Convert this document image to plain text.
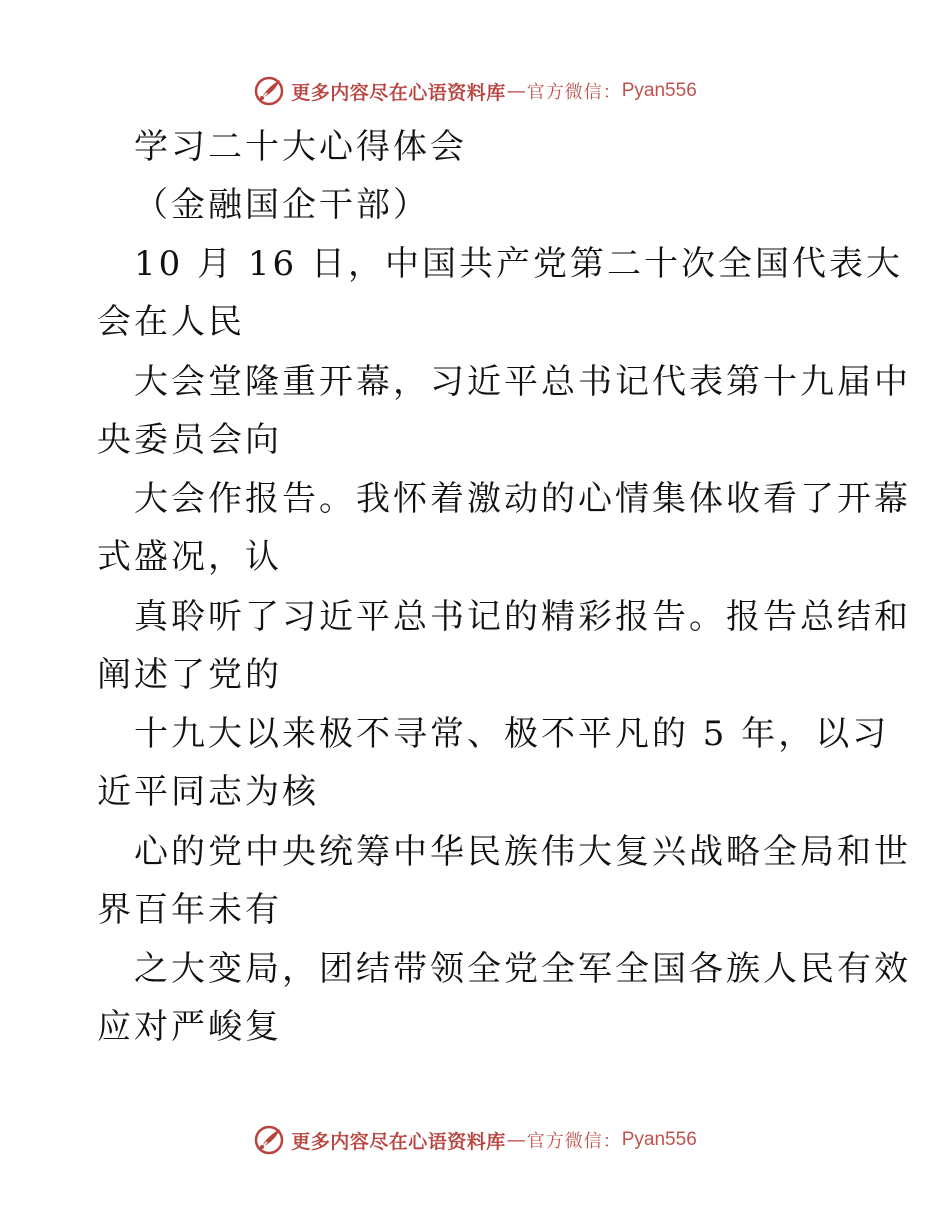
更多内容尽在心语资料库 — 官方微信： Pyan556
学习二十大心得体会
（金融国企干部）
10 月 16 日，中国共产党第二十次全国代表大
会在人民
大会堂隆重开幕，习近平总书记代表第十九届中
央委员会向
大会作报告。我怀着激动的心情集体收看了开幕
式盛况，认
真聆听了习近平总书记的精彩报告。报告总结和
阐述了党的
十九大以来极不寻常、极不平凡的 5 年，以习
近平同志为核
心的党中央统筹中华民族伟大复兴战略全局和世
界百年未有
之大变局，团结带领全党全军全国各族人民有效
应对严峻复
更多内容尽在心语资料库 — 官方微信： Pyan556
